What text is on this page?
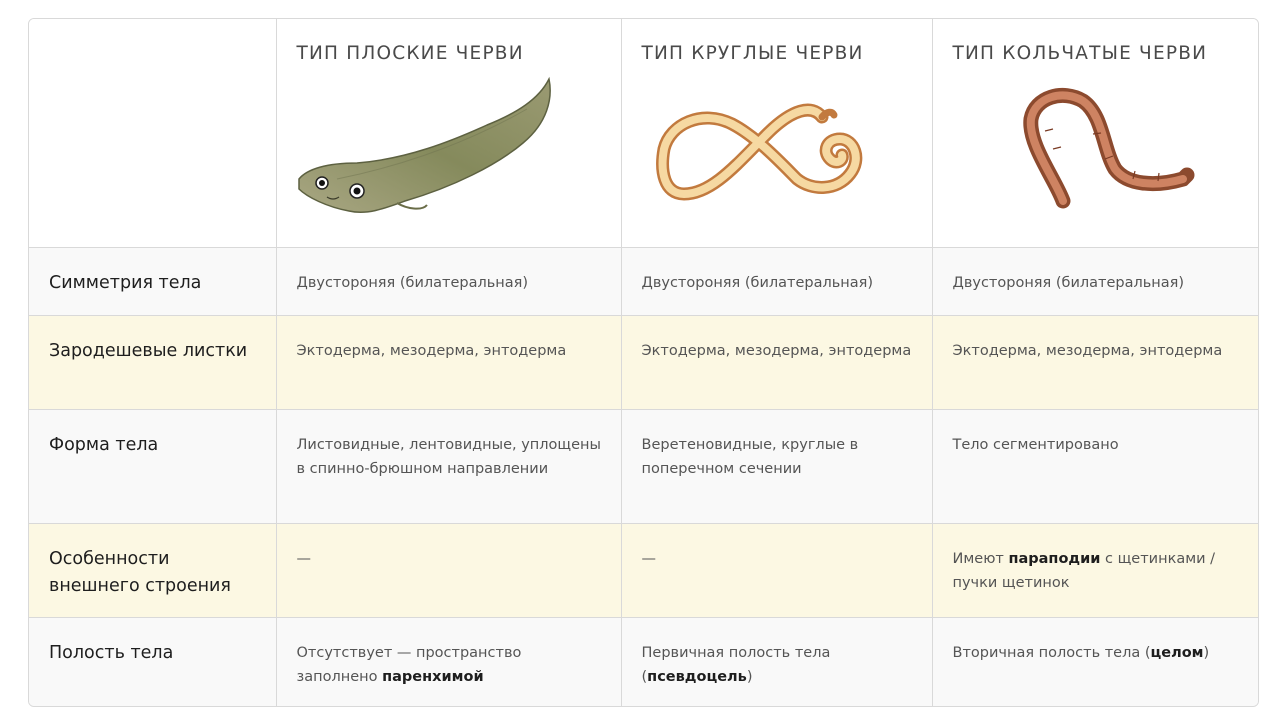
	ТИП ПЛОСКИЕ ЧЕРВИ	ТИП КРУГЛЫЕ ЧЕРВИ	ТИП КОЛЬЧАТЫЕ ЧЕРВИ

Симметрия тела	Двустороняя (билатеральная)	Двустороняя (билатеральная)	Двустороняя (билатеральная)

Зародешевые листки	Эктодерма, мезодерма, энтодерма	Эктодерма, мезодерма, энтодерма	Эктодерма, мезодерма, энтодерма

Форма тела	Листовидные, лентовидные, уплощены в спинно-брюшном направлении	Веретеновидные, круглые в поперечном сечении	Тело сегментировано

Особенности внешнего строения	—	—	Имеют параподии с щетинками / пучки щетинок

Полость тела	Отсутствует — пространство заполнено паренхимой	Первичная полость тела (псевдоцель)	Вторичная полость тела (целом)
